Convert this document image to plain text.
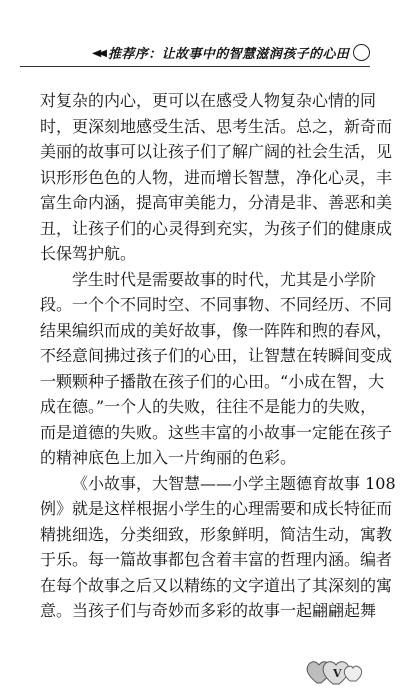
◀◀ 推荐序：让故事中的智慧滋润孩子的心田
对复杂的内心，更可以在感受人物复杂心情的同
时，更深刻地感受生活、思考生活。总之，新奇而
美丽的故事可以让孩子们了解广阔的社会生活，见
识形形色色的人物，进而增长智慧，净化心灵，丰
富生命内涵，提高审美能力，分清是非、善恶和美
丑，让孩子们的心灵得到充实，为孩子们的健康成
长保驾护航。
学生时代是需要故事的时代，尤其是小学阶
段。一个个不同时空、不同事物、不同经历、不同
结果编织而成的美好故事，像一阵阵和煦的春风，
不经意间拂过孩子们的心田，让智慧在转瞬间变成
一颗颗种子播散在孩子们的心田。“小成在智，大
成在德。”一个人的失败，往往不是能力的失败，
而是道德的失败。这些丰富的小故事一定能在孩子
的精神底色上加入一片绚丽的色彩。
《小故事，大智慧——小学主题德育故事 108
例》就是这样根据小学生的心理需要和成长特征而
精挑细选，分类细致，形象鲜明，简洁生动，寓教
于乐。每一篇故事都包含着丰富的哲理内涵。编者
在每个故事之后又以精练的文字道出了其深刻的寓
意。当孩子们与奇妙而多彩的故事一起翩翩起舞
V
